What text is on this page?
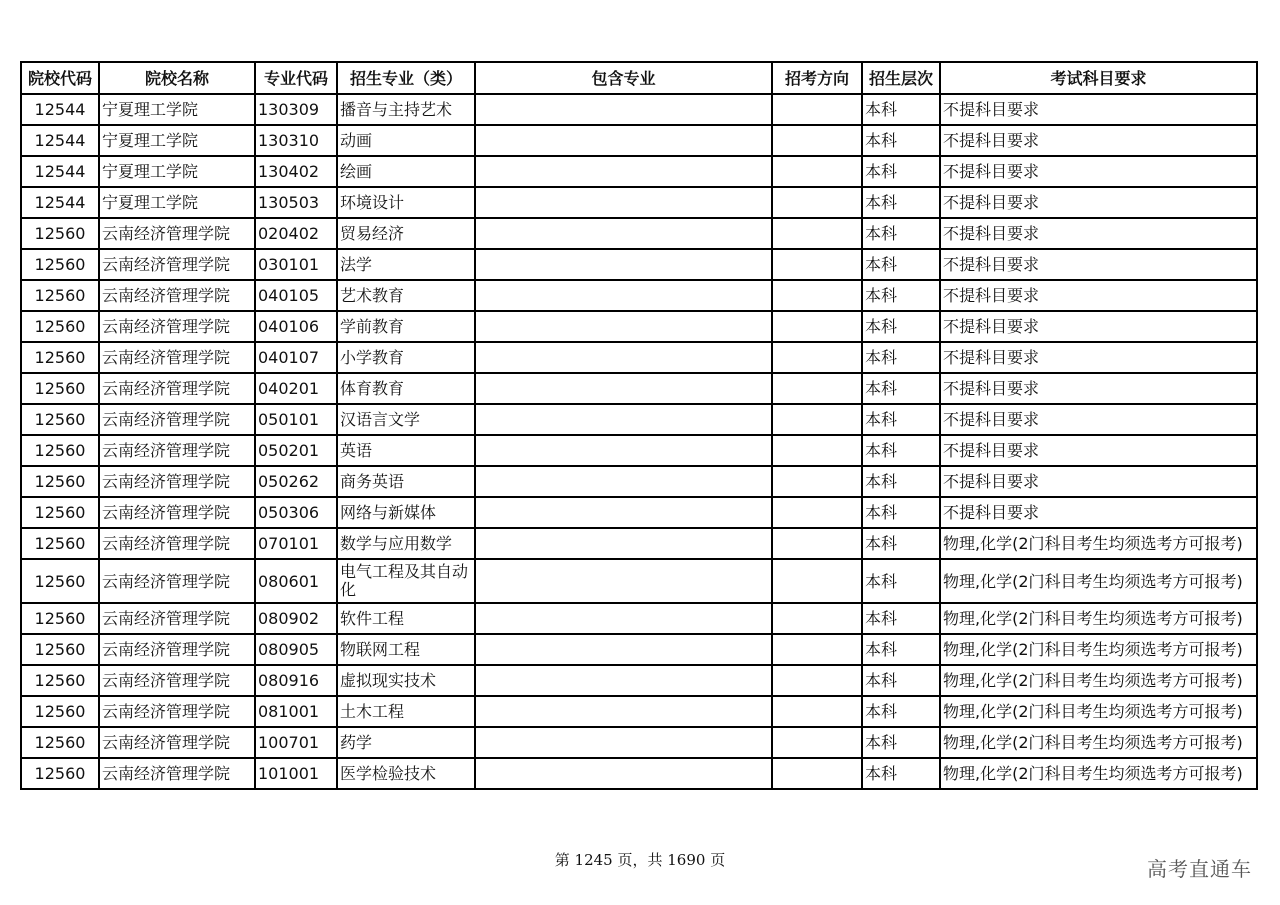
院校代码	院校名称	专业代码	招生专业（类）	包含专业	招考方向	招生层次	考试科目要求
12544	宁夏理工学院	130309	播音与主持艺术			本科	不提科目要求
12544	宁夏理工学院	130310	动画			本科	不提科目要求
12544	宁夏理工学院	130402	绘画			本科	不提科目要求
12544	宁夏理工学院	130503	环境设计			本科	不提科目要求
12560	云南经济管理学院	020402	贸易经济			本科	不提科目要求
12560	云南经济管理学院	030101	法学			本科	不提科目要求
12560	云南经济管理学院	040105	艺术教育			本科	不提科目要求
12560	云南经济管理学院	040106	学前教育			本科	不提科目要求
12560	云南经济管理学院	040107	小学教育			本科	不提科目要求
12560	云南经济管理学院	040201	体育教育			本科	不提科目要求
12560	云南经济管理学院	050101	汉语言文学			本科	不提科目要求
12560	云南经济管理学院	050201	英语			本科	不提科目要求
12560	云南经济管理学院	050262	商务英语			本科	不提科目要求
12560	云南经济管理学院	050306	网络与新媒体			本科	不提科目要求
12560	云南经济管理学院	070101	数学与应用数学			本科	物理,化学(2门科目考生均须选考方可报考)
12560	云南经济管理学院	080601	电气工程及其自动化			本科	物理,化学(2门科目考生均须选考方可报考)
12560	云南经济管理学院	080902	软件工程			本科	物理,化学(2门科目考生均须选考方可报考)
12560	云南经济管理学院	080905	物联网工程			本科	物理,化学(2门科目考生均须选考方可报考)
12560	云南经济管理学院	080916	虚拟现实技术			本科	物理,化学(2门科目考生均须选考方可报考)
12560	云南经济管理学院	081001	土木工程			本科	物理,化学(2门科目考生均须选考方可报考)
12560	云南经济管理学院	100701	药学			本科	物理,化学(2门科目考生均须选考方可报考)
12560	云南经济管理学院	101001	医学检验技术			本科	物理,化学(2门科目考生均须选考方可报考)
第 1245 页，共 1690 页	高考直通车
